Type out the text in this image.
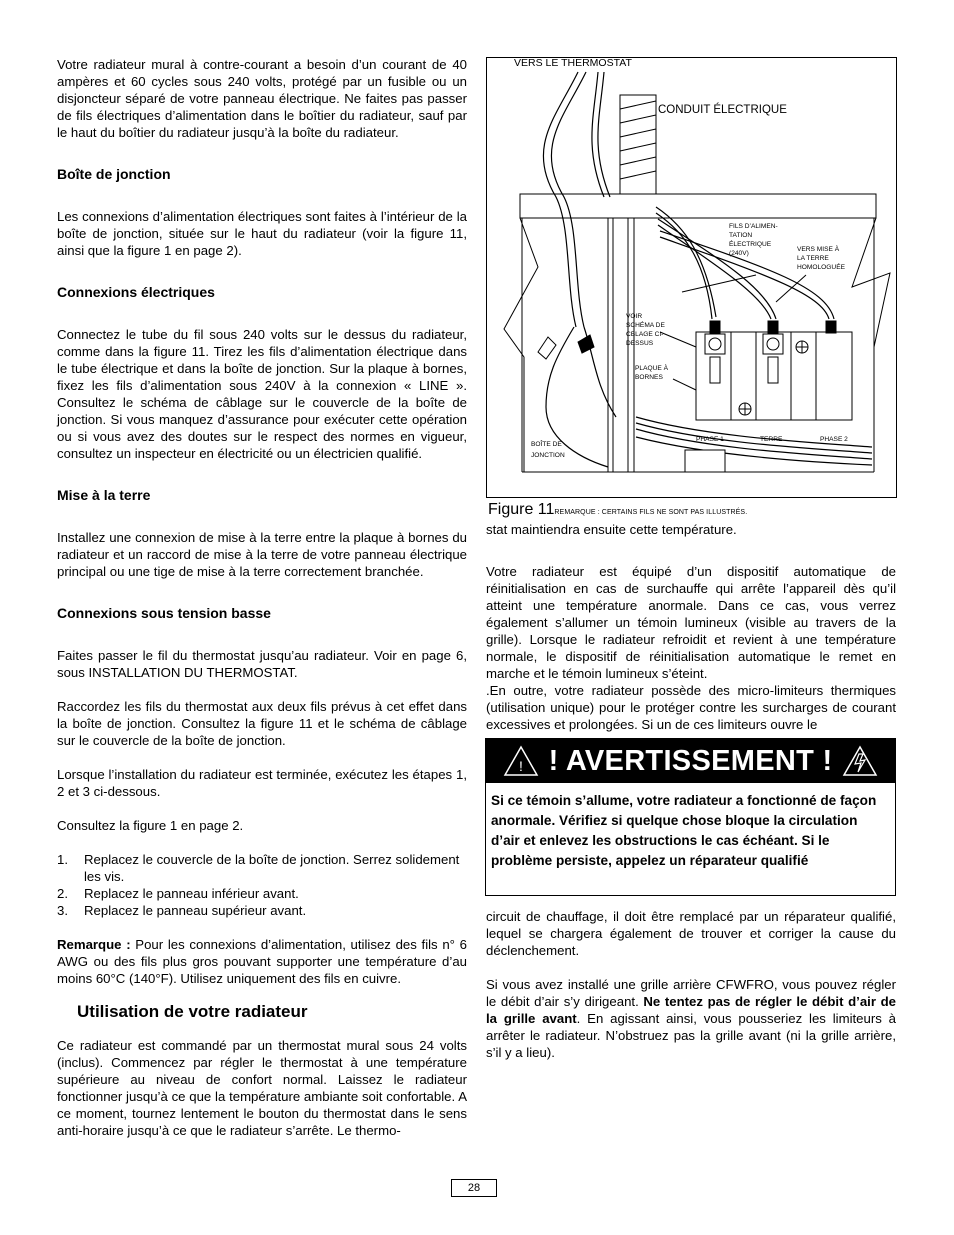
Votre radiateur mural à contre-courant a besoin d’un courant de 40 ampères et 60 cycles sous 240 volts, protégé par un fusible ou un disjoncteur séparé de votre panneau électrique. Ne faites pas passer de fils électriques d’alimentation dans le boîtier du radiateur, sauf par le haut du boîtier du radiateur jusqu’à la boîte du radiateur.

Boîte de jonction

Les connexions d’alimentation électriques sont faites à l’intérieur de la boîte de jonction, située sur le haut du radiateur (voir la figure 11, ainsi que la figure 1 en page 2).

Connexions électriques

Connectez le tube du fil sous 240 volts sur le dessus du radiateur, comme dans la figure 11. Tirez les fils d’alimentation électrique dans le tube électrique et dans la boîte de jonction. Sur la plaque à bornes, fixez les fils d’alimentation sous 240V à la connexion « LINE ». Consultez le schéma de câblage sur le couvercle de la boîte de jonction. Si vous manquez d’assurance pour exécuter cette opération ou si vous avez des doutes sur le respect des normes en vigueur, consultez un inspecteur en électricité ou un électricien qualifié.

Mise à la terre

Installez une connexion de mise à la terre entre la plaque à bornes du radiateur et un raccord de mise à la terre de votre panneau électrique principal ou une tige de mise à la terre correctement branchée.

Connexions sous tension basse

Faites passer le fil du thermostat jusqu’au radiateur. Voir en page 6, sous INSTALLATION DU THERMOSTAT.

Raccordez les fils du thermostat aux deux fils prévus à cet effet dans la boîte de jonction. Consultez la figure 11 et le schéma de câblage sur le couvercle de la boîte de jonction.

Lorsque l’installation du radiateur est terminée, exécutez les étapes 1, 2 et 3 ci-dessous.

Consultez la figure 1 en page 2.

1. Replacez le couvercle de la boîte de jonction. Serrez solidement les vis.
2. Replacez le panneau inférieur avant.
3. Replacez le panneau supérieur avant.

Remarque : Pour les connexions d’alimentation, utilisez des fils n° 6 AWG ou des fils plus gros pouvant supporter une température d’au moins 60°C (140°F). Utilisez uniquement des fils en cuivre.

Utilisation de votre radiateur

Ce radiateur est commandé par un thermostat mural sous 24 volts (inclus). Commencez par régler le thermostat à une température supérieure au niveau de confort normal. Laissez le radiateur fonctionner jusqu’à ce que la température ambiante soit confortable. A ce moment, tournez lentement le bouton du thermostat dans le sens anti-horaire jusqu’à ce que le radiateur s’arrête. Le thermo-

VERS LE THERMOSTAT
CONDUIT ÉLECTRIQUE
FILS D’ALIMEN- TATION ÉLECTRIQUE (240V)
VERS MISE À LA TERRE HOMOLOGUÉE
VOIR SCHÉMA DE CBLAGE CI- DESSUS
PLAQUE À BORNES
BOÎTE DE JONCTION
PHASE 1	TERRE	PHASE 2
Figure 11REMARQUE : CERTAINS FILS NE SONT PAS ILLUSTRÉS.

stat maintiendra ensuite cette température.

Votre radiateur est équipé d’un dispositif automatique de réinitialisation en cas de surchauffe qui arrête l’appareil dès qu’il atteint une température anormale. Dans ce cas, vous verrez également s’allumer un témoin lumineux (visible au travers de la grille). Lorsque le radiateur refroidit et revient à une température normale, le dispositif de réinitialisation automatique le remet en marche et le témoin lumineux s’éteint.

.En outre, votre radiateur possède des micro-limiteurs thermiques (utilisation unique) pour le protéger contre les surcharges de courant excessives et prolongées. Si un de ces limiteurs ouvre le

! ! AVERTISSEMENT !
Si ce témoin s’allume, votre radiateur a fonctionné de façon anormale. Vérifiez si quelque chose bloque la circulation d’air et enlevez les obstructions le cas échéant. Si le problème persiste, appelez un réparateur qualifié

circuit de chauffage, il doit être remplacé par un réparateur qualifié, lequel se chargera également de trouver et corriger la cause du déclenchement.

Si vous avez installé une grille arrière CFWFRO, vous pouvez régler le débit d’air s’y dirigeant. Ne tentez pas de régler le débit d’air de la grille avant. En agissant ainsi, vous pousseriez les limiteurs à arrêter le radiateur. N’obstruez pas la grille avant (ni la grille arrière, s’il y a lieu).

28
